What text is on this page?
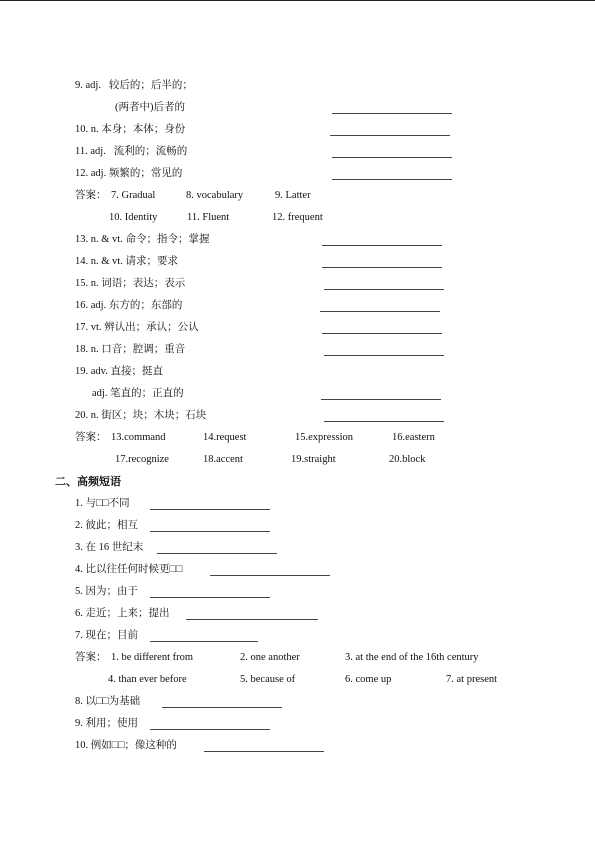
9. adj.   较后的；后半的；
(两者中)后者的
10. n. 本身；本体；身份
11. adj.   流利的；流畅的
12. adj. 频繁的；常见的
答案： 7. Gradual	8. vocabulary	9. Latter
10. Identity	11. Fluent	12. frequent
13. n. & vt. 命令；指令；掌握
14. n. & vt. 请求；要求
15. n. 词语；表达；表示
16. adj. 东方的；东部的
17. vt. 辨认出；承认；公认
18. n. 口音；腔调；重音
19. adv. 直接；挺直
adj. 笔直的；正直的
20. n. 街区；块；木块；石块
答案： 13.command	14.request	15.expression	16.eastern
17.recognize	18.accent	19.straight	20.block
二、高频短语
1. 与□□不同
2. 彼此；相互
3. 在 16 世纪末
4. 比以往任何时候更□□
5. 因为；由于
6. 走近；上来；提出
7. 现在；目前
答案： 1. be different from	2. one another	3. at the end of the 16th century
4. than ever before	5. because of	6. come up	7. at present
8. 以□□为基础
9. 利用；使用
10. 例如□□；像这种的
